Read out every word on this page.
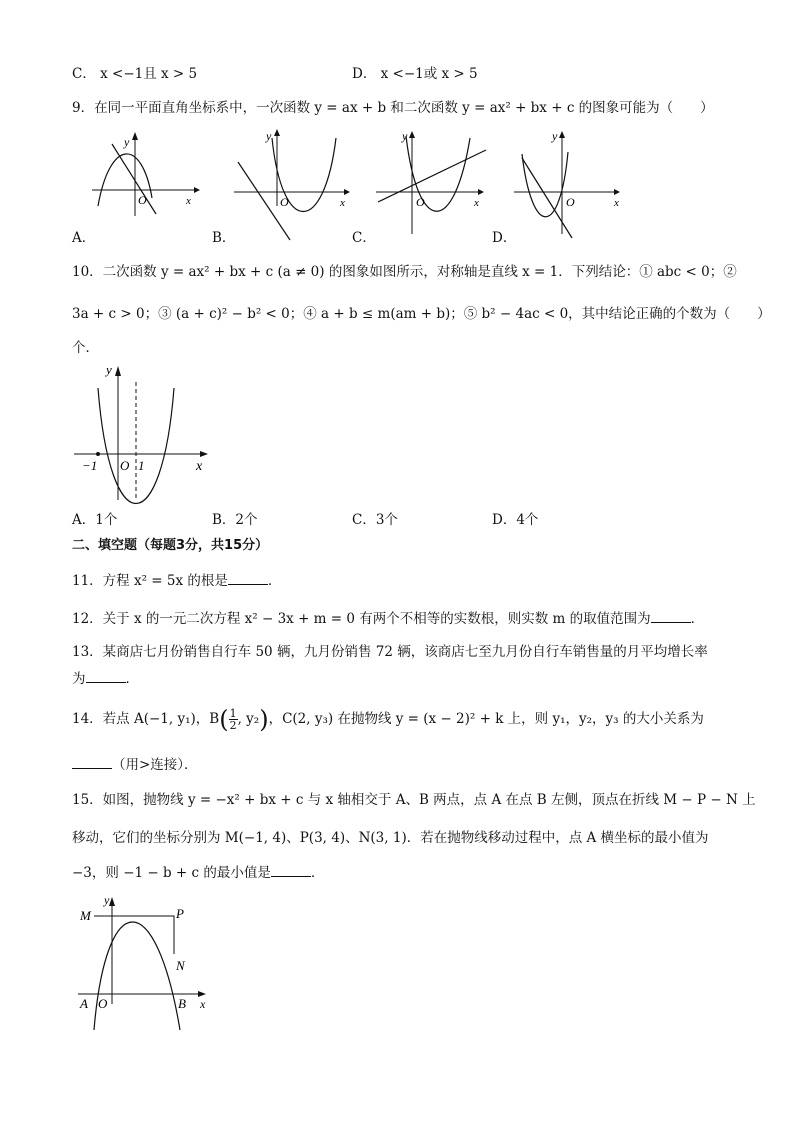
C． x <−1且 x > 5	D． x <−1或 x > 5
9．在同一平面直角坐标系中，一次函数 y = ax + b 和二次函数 y = ax² + bx + c 的图象可能为（　　）
y
O	x
A．
y
O	x
B．
y
O	x
C．
y
O	x
D．
10．二次函数 y = ax² + bx + c (a ≠ 0) 的图象如图所示，对称轴是直线 x = 1．下列结论：① abc < 0；②
3a + c > 0；③ (a + c)² − b² < 0；④ a + b ≤ m(am + b)；⑤ b² − 4ac < 0，其中结论正确的个数为（　　）
个．
y
−1 O 1	x
A．1个	B．2个	C．3个	D．4个
二、填空题（每题3分，共15分）
11．方程 x² = 5x 的根是	．
12．关于 x 的一元二次方程 x² − 3x + m = 0 有两个不相等的实数根，则实数 m 的取值范围为	．
13．某商店七月份销售自行车 50 辆，九月份销售 72 辆，该商店七至九月份自行车销售量的月平均增长率
为	．
14．若点 A(−1, y₁)，$B( \frac{1}{2}$ , y₂)，C(2, y₃) 在抛物线 y = (x − 2)² + k 上，则 y₁，y₂，y₃ 的大小关系为
（用>连接）．
15．如图，抛物线 y = −x² + bx + c 与 x 轴相交于 A、B 两点，点 A 在点 B 左侧，顶点在折线 M − P − N 上
移动，它们的坐标分别为 M(−1, 4)、P(3, 4)、N(3, 1)．若在抛物线移动过程中，点 A 横坐标的最小值为
−3，则 −1 − b + c 的最小值是	．
y
M	P
N
A O	B x
